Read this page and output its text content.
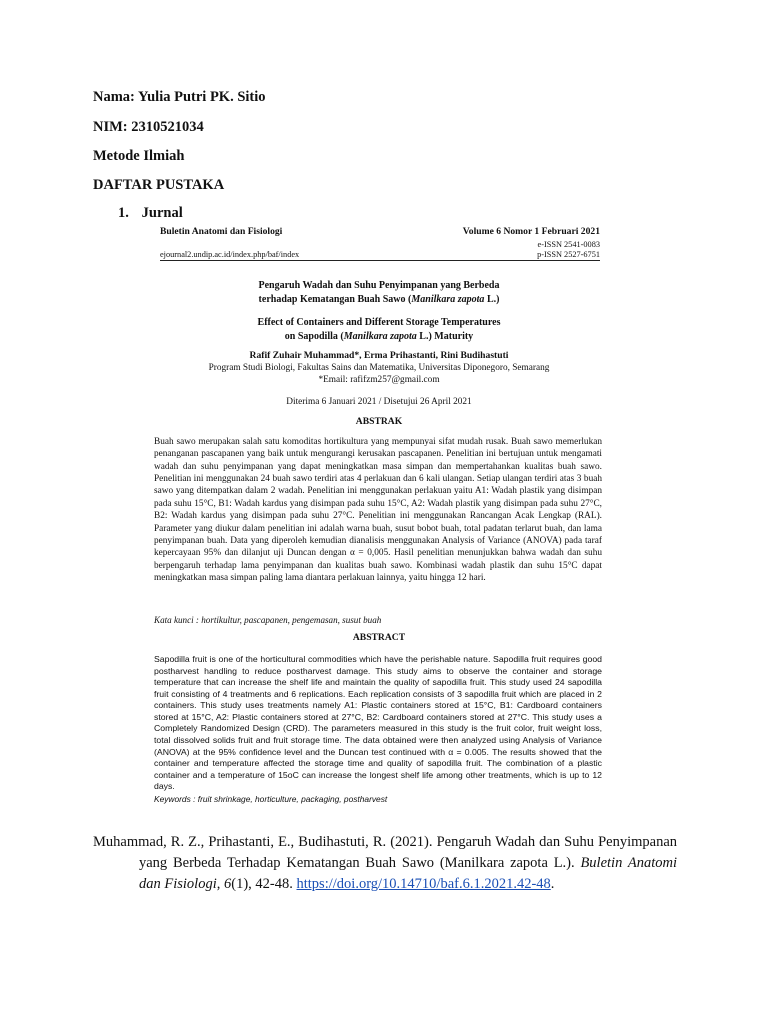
Nama: Yulia Putri PK. Sitio
NIM: 2310521034
Metode Ilmiah
DAFTAR PUSTAKA
1. Jurnal
Buletin Anatomi dan Fisiologi	Volume 6 Nomor 1 Februari 2021
e-ISSN 2541-0083
ejournal2.undip.ac.id/index.php/baf/index	p-ISSN 2527-6751
Pengaruh Wadah dan Suhu Penyimpanan yang Berbeda
terhadap Kematangan Buah Sawo (Manilkara zapota L.)
Effect of Containers and Different Storage Temperatures
on Sapodilla (Manilkara zapota L.) Maturity
Rafif Zuhair Muhammad*, Erma Prihastanti, Rini Budihastuti
Program Studi Biologi, Fakultas Sains dan Matematika, Universitas Diponegoro, Semarang
*Email: rafifzm257@gmail.com
Diterima 6 Januari 2021 / Disetujui 26 April 2021
ABSTRAK
Buah sawo merupakan salah satu komoditas hortikultura yang mempunyai sifat mudah rusak. Buah sawo memerlukan penanganan pascapanen yang baik untuk mengurangi kerusakan pascapanen. Penelitian ini bertujuan untuk mengamati wadah dan suhu penyimpanan yang dapat meningkatkan masa simpan dan mempertahankan kualitas buah sawo. Penelitian ini menggunakan 24 buah sawo terdiri atas 4 perlakuan dan 6 kali ulangan. Setiap ulangan terdiri atas 3 buah sawo yang ditempatkan dalam 2 wadah. Penelitian ini menggunakan perlakuan yaitu A1: Wadah plastik yang disimpan pada suhu 15°C, B1: Wadah kardus yang disimpan pada suhu 15°C, A2: Wadah plastik yang disimpan pada suhu 27°C, B2: Wadah kardus yang disimpan pada suhu 27°C. Penelitian ini menggunakan Rancangan Acak Lengkap (RAL). Parameter yang diukur dalam penelitian ini adalah warna buah, susut bobot buah, total padatan terlarut buah, dan lama penyimpanan buah. Data yang diperoleh kemudian dianalisis menggunakan Analysis of Variance (ANOVA) pada taraf kepercayaan 95% dan dilanjut uji Duncan dengan α = 0,005. Hasil penelitian menunjukkan bahwa wadah dan suhu berpengaruh terhadap lama penyimpanan dan kualitas buah sawo. Kombinasi wadah plastik dan suhu 15°C dapat meningkatkan masa simpan paling lama diantara perlakuan lainnya, yaitu hingga 12 hari.
Kata kunci : hortikultur, pascapanen, pengemasan, susut buah
ABSTRACT
Sapodilla fruit is one of the horticultural commodities which have the perishable nature. Sapodilla fruit requires good postharvest handling to reduce postharvest damage. This study aims to observe the container and storage temperature that can increase the shelf life and maintain the quality of sapodilla fruit. This study used 24 sapodilla fruit consisting of 4 treatments and 6 replications. Each replication consists of 3 sapodilla fruit which are placed in 2 containers. This study uses treatments namely A1: Plastic containers stored at 15°C, B1: Cardboard containers stored at 15°C, A2: Plastic containers stored at 27°C, B2: Cardboard containers stored at 27°C. This study uses a Completely Randomized Design (CRD). The parameters measured in this study is the fruit color, fruit weight loss, total dissolved solids fruit and fruit storage time. The data obtained were then analyzed using Analysis of Variance (ANOVA) at the 95% confidence level and the Duncan test continued with α = 0.005. The results showed that the container and temperature affected the storage time and quality of sapodilla fruit. The combination of a plastic container and a temperature of 15oC can increase the longest shelf life among other treatments, which is up to 12 days.
Keywords : fruit shrinkage, horticulture, packaging, postharvest

Muhammad, R. Z., Prihastanti, E., Budihastuti, R. (2021). Pengaruh Wadah dan Suhu Penyimpanan yang Berbeda Terhadap Kematangan Buah Sawo (Manilkara zapota L.). Buletin Anatomi dan Fisiologi, 6(1), 42-48. https://doi.org/10.14710/baf.6.1.2021.42-48.
